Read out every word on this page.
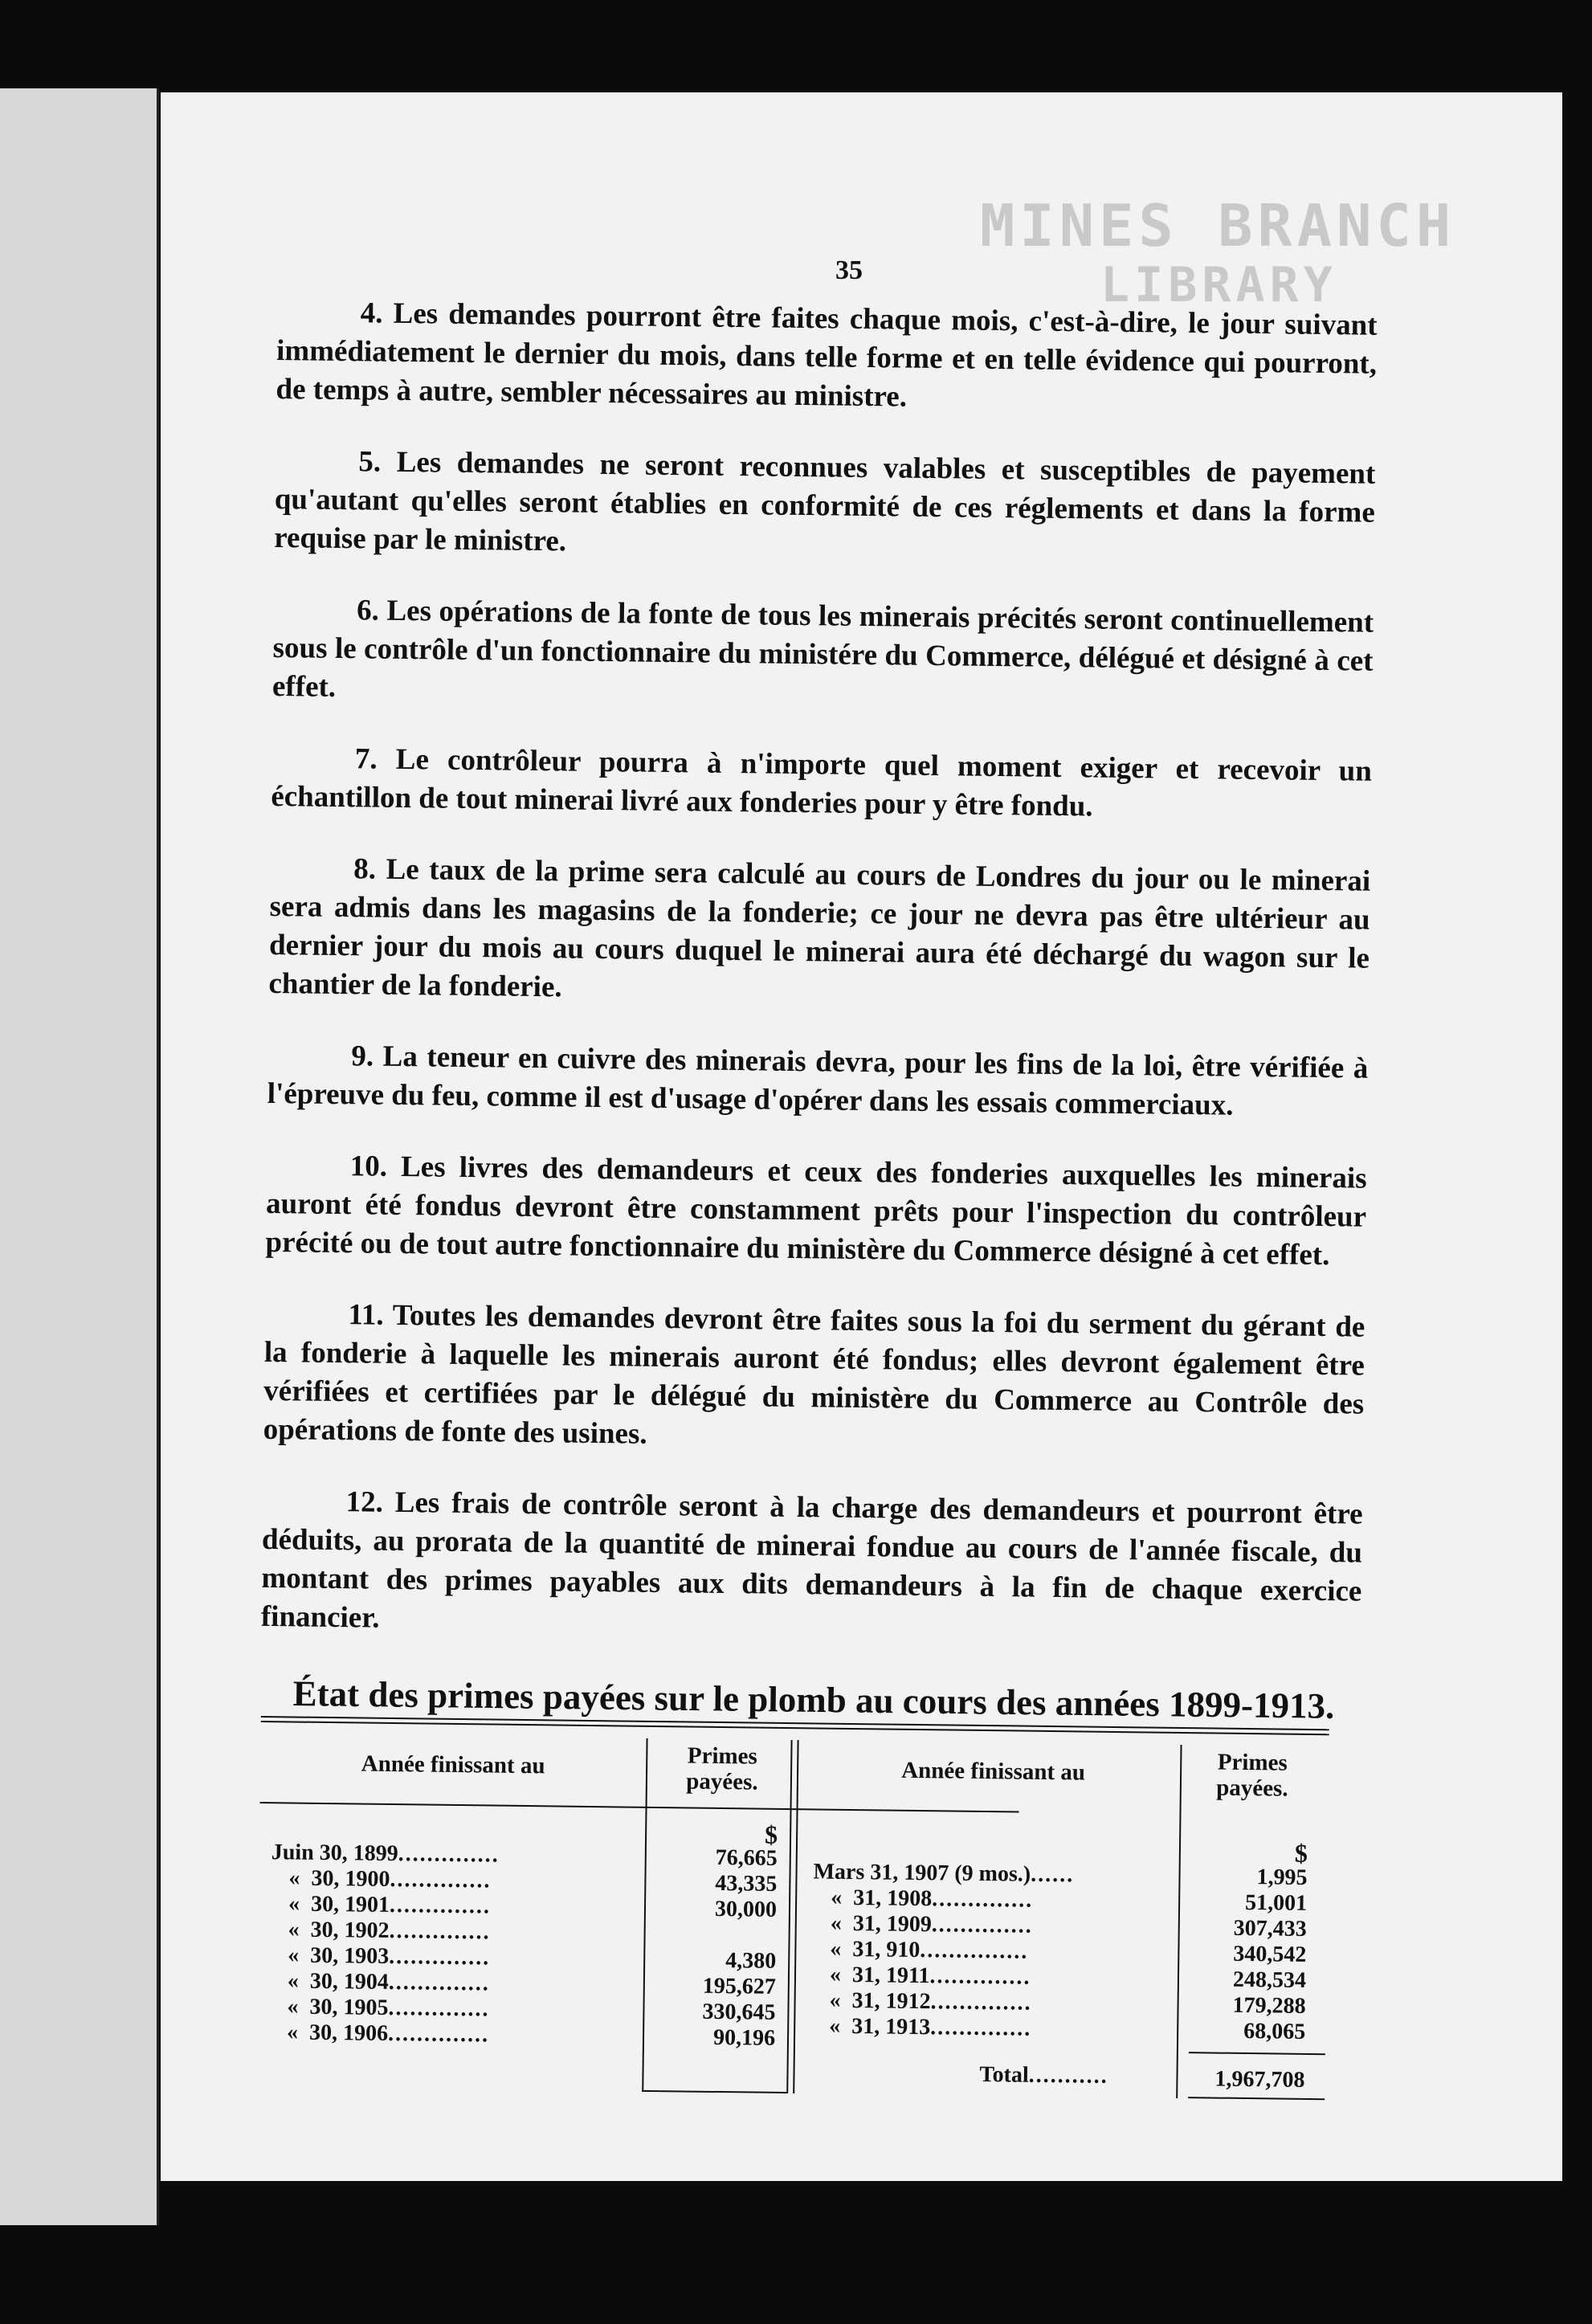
MINES BRANCH
LIBRARY
35

4. Les demandes pourront être faites chaque mois, c'est-à-dire, le jour suivant immédiatement le dernier du mois, dans telle forme et en telle évidence qui pourront, de temps à autre, sembler nécessaires au ministre.

5. Les demandes ne seront reconnues valables et susceptibles de payement qu'autant qu'elles seront établies en conformité de ces réglements et dans la forme requise par le ministre.

6. Les opérations de la fonte de tous les minerais précités seront continuellement sous le contrôle d'un fonctionnaire du ministére du Commerce, délégué et désigné à cet effet.

7. Le contrôleur pourra à n'importe quel moment exiger et recevoir un échantillon de tout minerai livré aux fonderies pour y être fondu.

8. Le taux de la prime sera calculé au cours de Londres du jour ou le minerai sera admis dans les magasins de la fonderie; ce jour ne devra pas être ultérieur au dernier jour du mois au cours duquel le minerai aura été déchargé du wagon sur le chantier de la fonderie.

9. La teneur en cuivre des minerais devra, pour les fins de la loi, être vérifiée à l'épreuve du feu, comme il est d'usage d'opérer dans les essais commerciaux.

10. Les livres des demandeurs et ceux des fonderies auxquelles les minerais auront été fondus devront être constamment prêts pour l'inspection du contrôleur précité ou de tout autre fonctionnaire du ministère du Commerce désigné à cet effet.

11. Toutes les demandes devront être faites sous la foi du serment du gérant de la fonderie à laquelle les minerais auront été fondus; elles devront également être vérifiées et certifiées par le délégué du ministère du Commerce au Contrôle des opérations de fonte des usines.

12. Les frais de contrôle seront à la charge des demandeurs et pourront être déduits, au prorata de la quantité de minerai fondue au cours de l'année fiscale, du montant des primes payables aux dits demandeurs à la fin de chaque exercice financier.

État des primes payées sur le plomb au cours des années 1899-1913.
Année finissant au	Primes payées.	Année finissant au	Primes payées.
$
$
Juin 30, 1899..............	76,665
« 30, 1900..............	43,335
« 30, 1901..............	30,000
« 30, 1902..............
« 30, 1903..............	4,380
« 30, 1904..............	195,627
« 30, 1905..............	330,645
« 30, 1906..............	90,196
Mars 31, 1907 (9 mos.)......	1,995
« 31, 1908..............	51,001
« 31, 1909..............	307,433
« 31, 910...............	340,542
« 31, 1911..............	248,534
« 31, 1912..............	179,288
« 31, 1913..............	68,065
Total...........	1,967,708
